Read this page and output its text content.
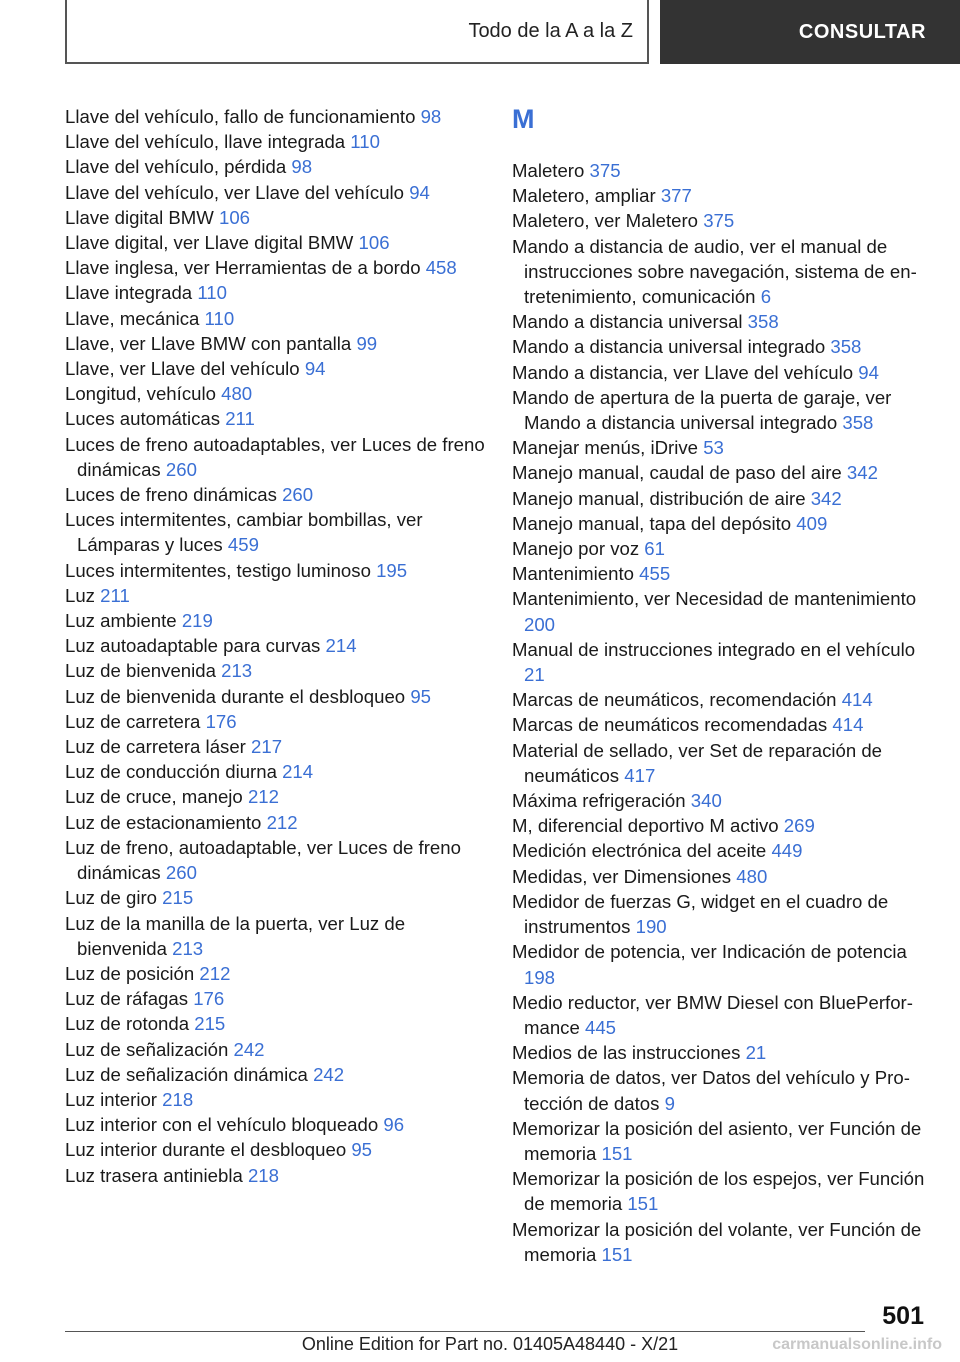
Todo de la A a la Z	CONSULTAR
Llave del vehículo, fallo de funcionamiento 98
Llave del vehículo, llave integrada 110
Llave del vehículo, pérdida 98
Llave del vehículo, ver Llave del vehículo 94
Llave digital BMW 106
Llave digital, ver Llave digital BMW 106
Llave inglesa, ver Herramientas de a bordo 458
Llave integrada 110
Llave, mecánica 110
Llave, ver Llave BMW con pantalla 99
Llave, ver Llave del vehículo 94
Longitud, vehículo 480
Luces automáticas 211
Luces de freno autoadaptables, ver Luces de freno dinámicas 260
Luces de freno dinámicas 260
Luces intermitentes, cambiar bombillas, ver Lámparas y luces 459
Luces intermitentes, testigo luminoso 195
Luz 211
Luz ambiente 219
Luz autoadaptable para curvas 214
Luz de bienvenida 213
Luz de bienvenida durante el desbloqueo 95
Luz de carretera 176
Luz de carretera láser 217
Luz de conducción diurna 214
Luz de cruce, manejo 212
Luz de estacionamiento 212
Luz de freno, autoadaptable, ver Luces de freno dinámicas 260
Luz de giro 215
Luz de la manilla de la puerta, ver Luz de bienvenida 213
Luz de posición 212
Luz de ráfagas 176
Luz de rotonda 215
Luz de señalización 242
Luz de señalización dinámica 242
Luz interior 218
Luz interior con el vehículo bloqueado 96
Luz interior durante el desbloqueo 95
Luz trasera antiniebla 218
M
Maletero 375
Maletero, ampliar 377
Maletero, ver Maletero 375
Mando a distancia de audio, ver el manual de instrucciones sobre navegación, sistema de entretenimiento, comunicación 6
Mando a distancia universal 358
Mando a distancia universal integrado 358
Mando a distancia, ver Llave del vehículo 94
Mando de apertura de la puerta de garaje, ver Mando a distancia universal integrado 358
Manejar menús, iDrive 53
Manejo manual, caudal de paso del aire 342
Manejo manual, distribución de aire 342
Manejo manual, tapa del depósito 409
Manejo por voz 61
Mantenimiento 455
Mantenimiento, ver Necesidad de mantenimiento 200
Manual de instrucciones integrado en el vehículo 21
Marcas de neumáticos, recomendación 414
Marcas de neumáticos recomendadas 414
Material de sellado, ver Set de reparación de neumáticos 417
Máxima refrigeración 340
M, diferencial deportivo M activo 269
Medición electrónica del aceite 449
Medidas, ver Dimensiones 480
Medidor de fuerzas G, widget en el cuadro de instrumentos 190
Medidor de potencia, ver Indicación de potencia 198
Medio reductor, ver BMW Diesel con BluePerformance 445
Medios de las instrucciones 21
Memoria de datos, ver Datos del vehículo y Protección de datos 9
Memorizar la posición del asiento, ver Función de memoria 151
Memorizar la posición de los espejos, ver Función de memoria 151
Memorizar la posición del volante, ver Función de memoria 151
501
Online Edition for Part no. 01405A48440 - X/21	carmanualsonline.info
